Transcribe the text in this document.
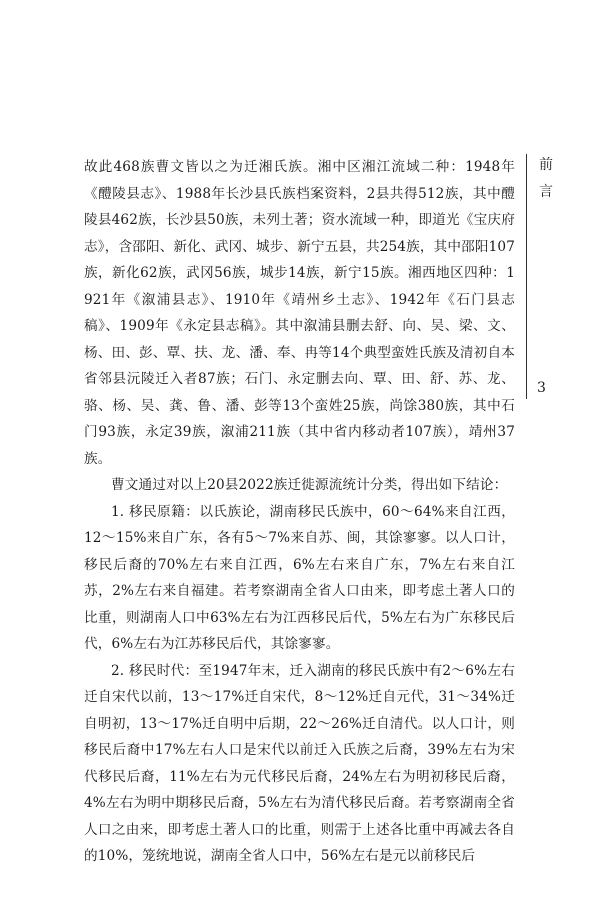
故此468族曹文皆以之为迁湘氏族。湘中区湘江流域二种：1948年《醴陵县志》、1988年长沙县氏族档案资料，2县共得512族，其中醴陵县462族，长沙县50族，未列土著；资水流域一种，即道光《宝庆府志》，含邵阳、新化、武冈、城步、新宁五县，共254族，其中邵阳107族，新化62族，武冈56族，城步14族，新宁15族。湘西地区四种：1921年《溆浦县志》、1910年《靖州乡土志》、1942年《石门县志稿》、1909年《永定县志稿》。其中溆浦县删去舒、向、吴、梁、文、杨、田、彭、覃、扶、龙、潘、奉、冉等14个典型蛮姓氏族及清初自本省邻县沅陵迁入者87族；石门、永定删去向、覃、田、舒、苏、龙、骆、杨、吴、龚、鲁、潘、彭等13个蛮姓25族，尚馀380族，其中石门93族，永定39族，溆浦211族（其中省内移动者107族），靖州37族。

曹文通过对以上20县2022族迁徙源流统计分类，得出如下结论：

1. 移民原籍：以氏族论，湖南移民氏族中，60～64%来自江西，12～15%来自广东，各有5～7%来自苏、闽，其馀寥寥。以人口计，移民后裔的70%左右来自江西，6%左右来自广东，7%左右来自江苏，2%左右来自福建。若考察湖南全省人口由来，即考虑土著人口的比重，则湖南人口中63%左右为江西移民后代，5%左右为广东移民后代，6%左右为江苏移民后代，其馀寥寥。

2. 移民时代：至1947年末，迁入湖南的移民氏族中有2～6%左右迁自宋代以前，13～17%迁自宋代，8～12%迁自元代，31～34%迁自明初，13～17%迁自明中后期，22～26%迁自清代。以人口计，则移民后裔中17%左右人口是宋代以前迁入氏族之后裔，39%左右为宋代移民后裔，11%左右为元代移民后裔，24%左右为明初移民后裔，4%左右为明中期移民后裔，5%左右为清代移民后裔。若考察湖南全省人口之由来，即考虑土著人口的比重，则需于上述各比重中再减去各自的10%，笼统地说，湖南全省人口中，56%左右是元以前移民后

前
言
3
